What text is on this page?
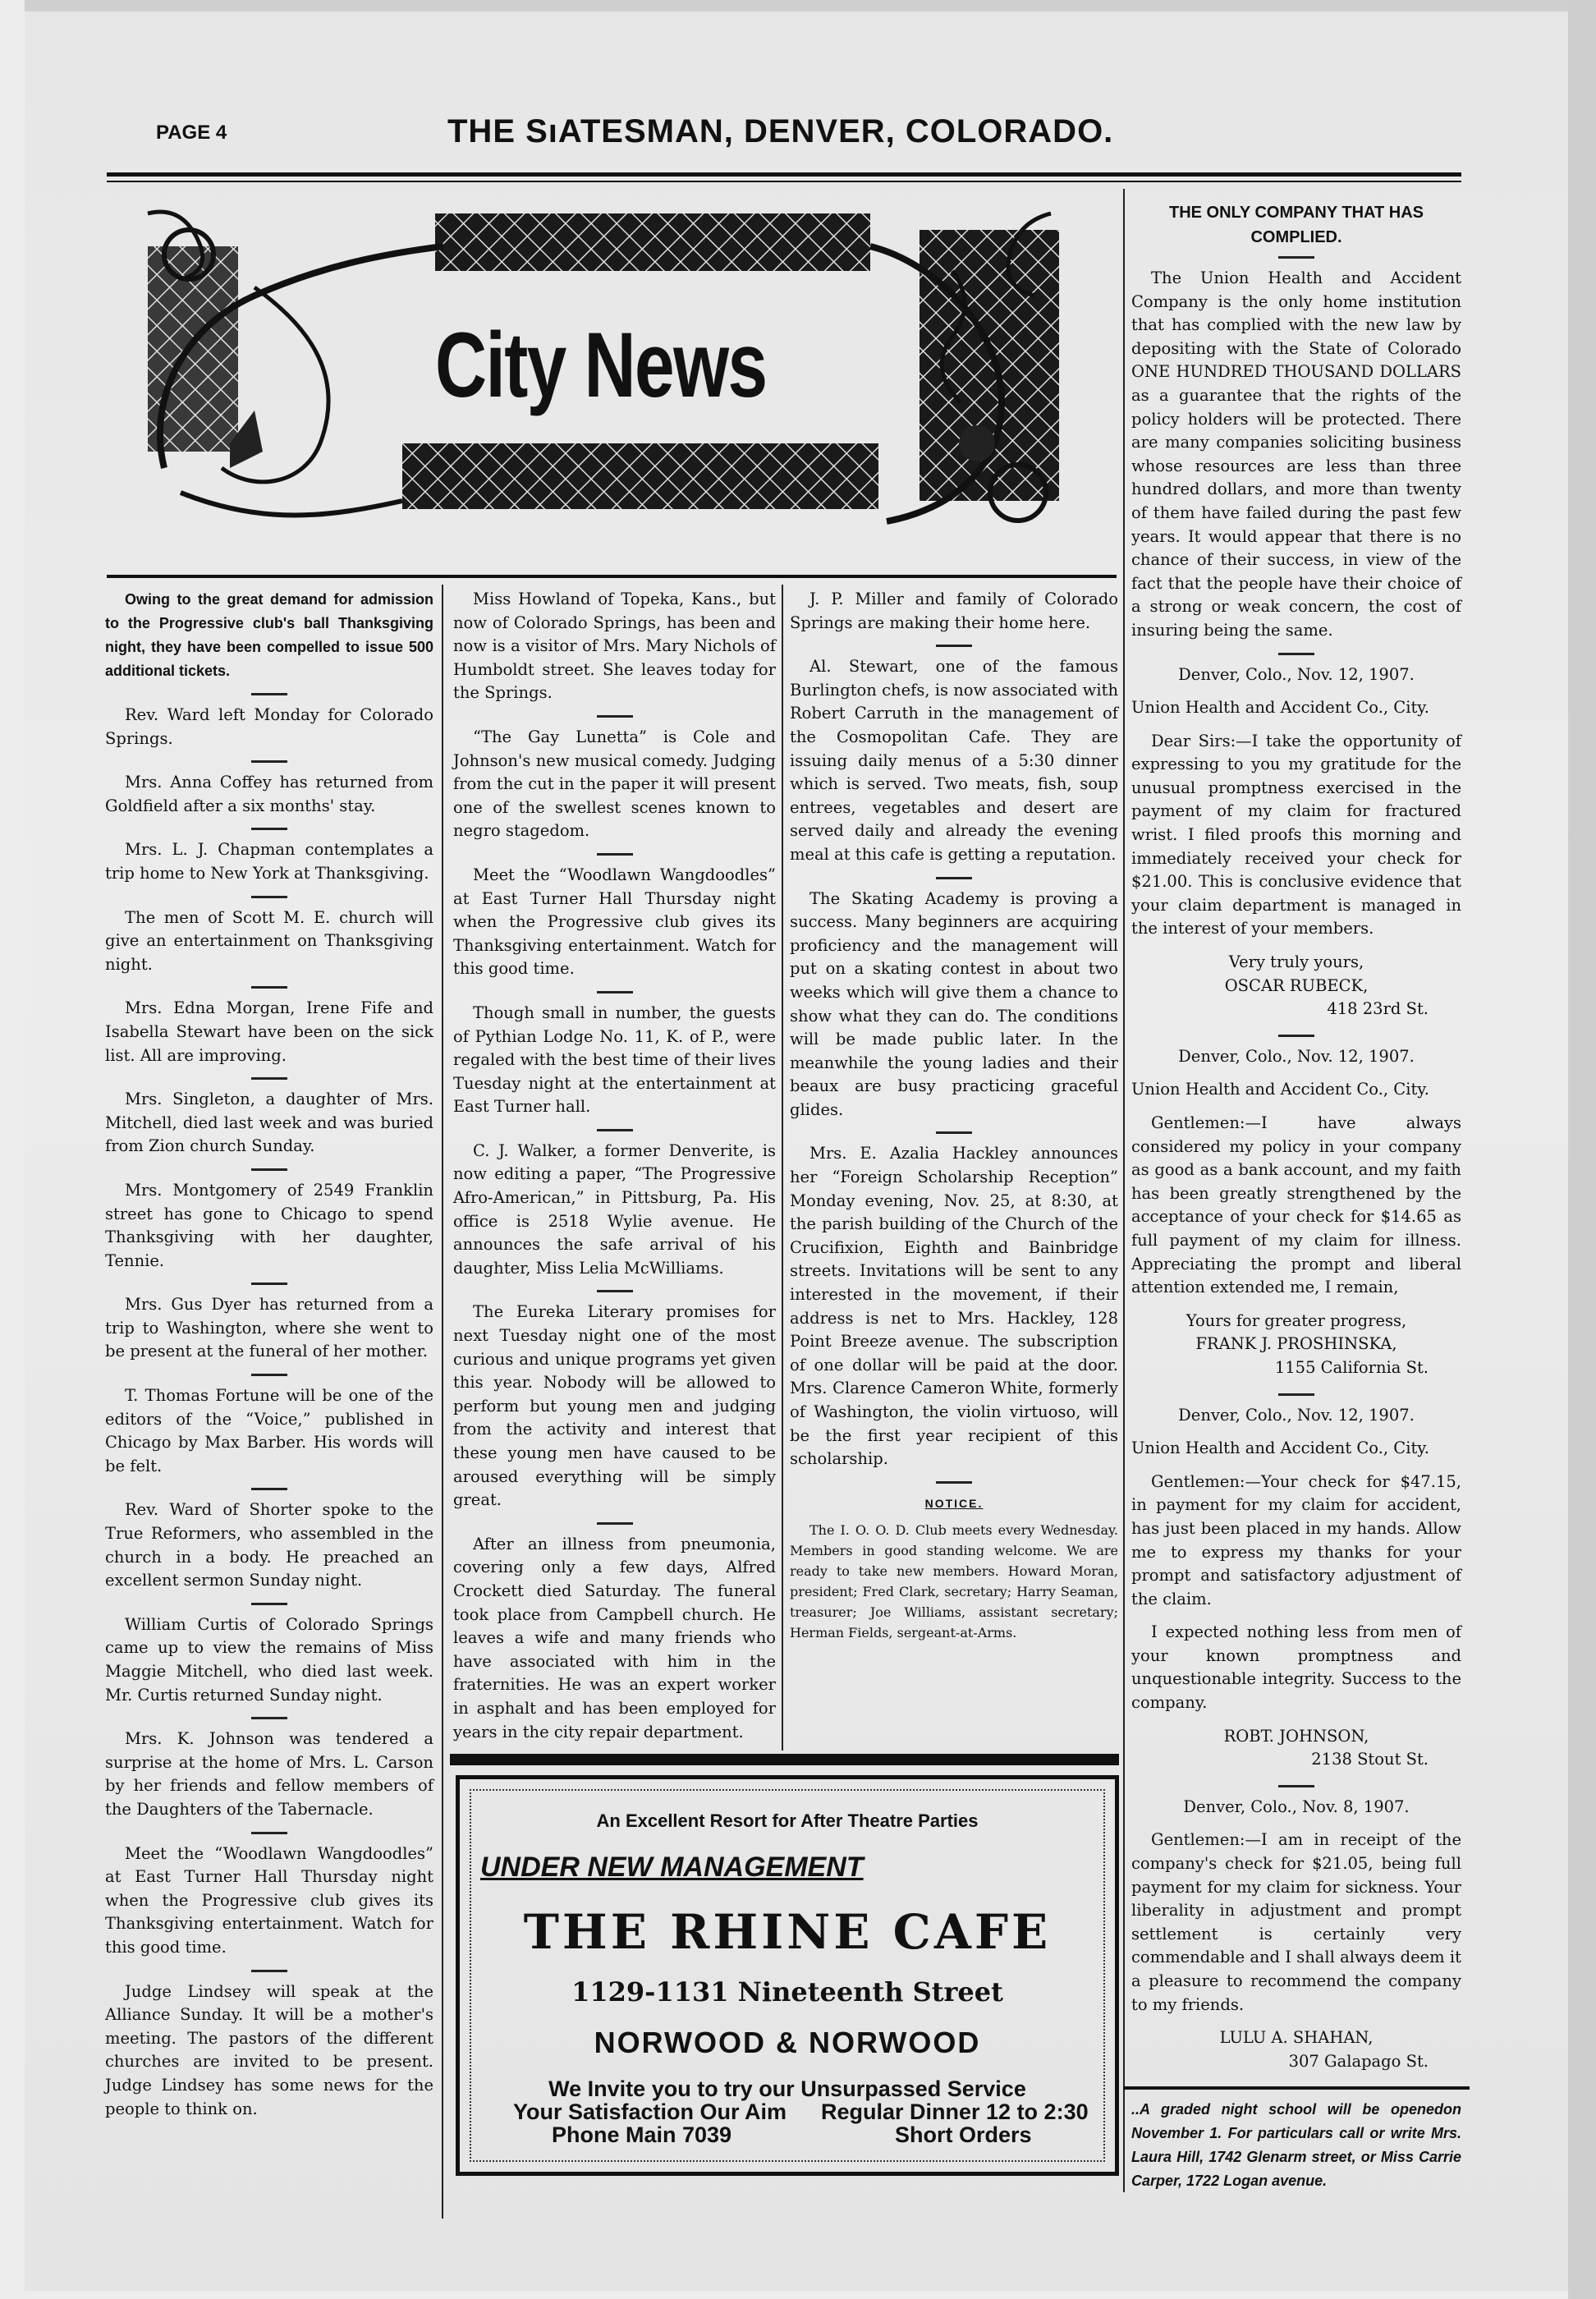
PAGE 4	THE SıATESMAN, DENVER, COLORADO.
City News

Owing to the great demand for admission to the Progressive club's ball Thanksgiving night, they have been compelled to issue 500 additional tickets.

Rev. Ward left Monday for Colorado Springs.

Mrs. Anna Coffey has returned from Goldfield after a six months' stay.

Mrs. L. J. Chapman contemplates a trip home to New York at Thanksgiving.

The men of Scott M. E. church will give an entertainment on Thanksgiving night.

Mrs. Edna Morgan, Irene Fife and Isabella Stewart have been on the sick list. All are improving.

Mrs. Singleton, a daughter of Mrs. Mitchell, died last week and was buried from Zion church Sunday.

Mrs. Montgomery of 2549 Franklin street has gone to Chicago to spend Thanksgiving with her daughter, Tennie.

Mrs. Gus Dyer has returned from a trip to Washington, where she went to be present at the funeral of her mother.

T. Thomas Fortune will be one of the editors of the “Voice,” published in Chicago by Max Barber. His words will be felt.

Rev. Ward of Shorter spoke to the True Reformers, who assembled in the church in a body. He preached an excellent sermon Sunday night.

William Curtis of Colorado Springs came up to view the remains of Miss Maggie Mitchell, who died last week. Mr. Curtis returned Sunday night.

Mrs. K. Johnson was tendered a surprise at the home of Mrs. L. Carson by her friends and fellow members of the Daughters of the Tabernacle.

Meet the “Woodlawn Wangdoodles” at East Turner Hall Thursday night when the Progressive club gives its Thanksgiving entertainment. Watch for this good time.

Judge Lindsey will speak at the Alliance Sunday. It will be a mother's meeting. The pastors of the different churches are invited to be present. Judge Lindsey has some news for the people to think on.

Miss Howland of Topeka, Kans., but now of Colorado Springs, has been and now is a visitor of Mrs. Mary Nichols of Humboldt street. She leaves today for the Springs.

“The Gay Lunetta” is Cole and Johnson's new musical comedy. Judging from the cut in the paper it will present one of the swellest scenes known to negro stagedom.

Meet the “Woodlawn Wangdoodles” at East Turner Hall Thursday night when the Progressive club gives its Thanksgiving entertainment. Watch for this good time.

Though small in number, the guests of Pythian Lodge No. 11, K. of P., were regaled with the best time of their lives Tuesday night at the entertainment at East Turner hall.

C. J. Walker, a former Denverite, is now editing a paper, “The Progressive Afro-American,” in Pittsburg, Pa. His office is 2518 Wylie avenue. He announces the safe arrival of his daughter, Miss Lelia McWilliams.

The Eureka Literary promises for next Tuesday night one of the most curious and unique programs yet given this year. Nobody will be allowed to perform but young men and judging from the activity and interest that these young men have caused to be aroused everything will be simply great.

After an illness from pneumonia, covering only a few days, Alfred Crockett died Saturday. The funeral took place from Campbell church. He leaves a wife and many friends who have associated with him in the fraternities. He was an expert worker in asphalt and has been employed for years in the city repair department.

J. P. Miller and family of Colorado Springs are making their home here.

Al. Stewart, one of the famous Burlington chefs, is now associated with Robert Carruth in the management of the Cosmopolitan Cafe. They are issuing daily menus of a 5:30 dinner which is served. Two meats, fish, soup entrees, vegetables and desert are served daily and already the evening meal at this cafe is getting a reputation.

The Skating Academy is proving a success. Many beginners are acquiring proficiency and the management will put on a skating contest in about two weeks which will give them a chance to show what they can do. The conditions will be made public later. In the meanwhile the young ladies and their beaux are busy practicing graceful glides.

Mrs. E. Azalia Hackley announces her “Foreign Scholarship Reception” Monday evening, Nov. 25, at 8:30, at the parish building of the Church of the Crucifixion, Eighth and Bainbridge streets. Invitations will be sent to any interested in the movement, if their address is net to Mrs. Hackley, 128 Point Breeze avenue. The subscription of one dollar will be paid at the door. Mrs. Clarence Cameron White, formerly of Washington, the violin virtuoso, will be the first year recipient of this scholarship.

NOTICE.

The I. O. O. D. Club meets every Wednesday. Members in good standing welcome. We are ready to take new members. Howard Moran, president; Fred Clark, secretary; Harry Seaman, treasurer; Joe Williams, assistant secretary; Herman Fields, sergeant-at-Arms.

An Excellent Resort for After Theatre Parties
UNDER NEW MANAGEMENT
THE RHINE CAFE
1129-1131 Nineteenth Street
NORWOOD & NORWOOD
We Invite you to try our Unsurpassed Service
Your Satisfaction Our Aim
Phone Main 7039
Regular Dinner 12 to 2:30
Short Orders
THE ONLY COMPANY THAT HAS COMPLIED.

The Union Health and Accident Company is the only home institution that has complied with the new law by depositing with the State of Colorado ONE HUNDRED THOUSAND DOLLARS as a guarantee that the rights of the policy holders will be protected. There are many companies soliciting business whose resources are less than three hundred dollars, and more than twenty of them have failed during the past few years. It would appear that there is no chance of their success, in view of the fact that the people have their choice of a strong or weak concern, the cost of insuring being the same.

Denver, Colo., Nov. 12, 1907.

Union Health and Accident Co., City.

Dear Sirs:—I take the opportunity of expressing to you my gratitude for the unusual promptness exercised in the payment of my claim for fractured wrist. I filed proofs this morning and immediately received your check for $21.00. This is conclusive evidence that your claim department is managed in the interest of your members.

Very truly yours,

OSCAR RUBECK,

418 23rd St.

Denver, Colo., Nov. 12, 1907.

Union Health and Accident Co., City.

Gentlemen:—I have always considered my policy in your company as good as a bank account, and my faith has been greatly strengthened by the acceptance of your check for $14.65 as full payment of my claim for illness. Appreciating the prompt and liberal attention extended me, I remain,

Yours for greater progress,

FRANK J. PROSHINSKA,

1155 California St.

Denver, Colo., Nov. 12, 1907.

Union Health and Accident Co., City.

Gentlemen:—Your check for $47.15, in payment for my claim for accident, has just been placed in my hands. Allow me to express my thanks for your prompt and satisfactory adjustment of the claim.

I expected nothing less from men of your known promptness and unquestionable integrity. Success to the company.

ROBT. JOHNSON,

2138 Stout St.

Denver, Colo., Nov. 8, 1907.

Gentlemen:—I am in receipt of the company's check for $21.05, being full payment for my claim for sickness. Your liberality in adjustment and prompt settlement is certainly very commendable and I shall always deem it a pleasure to recommend the company to my friends.

LULU A. SHAHAN,

307 Galapago St.

..A graded night school will be openedon November 1. For particulars call or write Mrs. Laura Hill, 1742 Glenarm street, or Miss Carrie Carper, 1722 Logan avenue.
